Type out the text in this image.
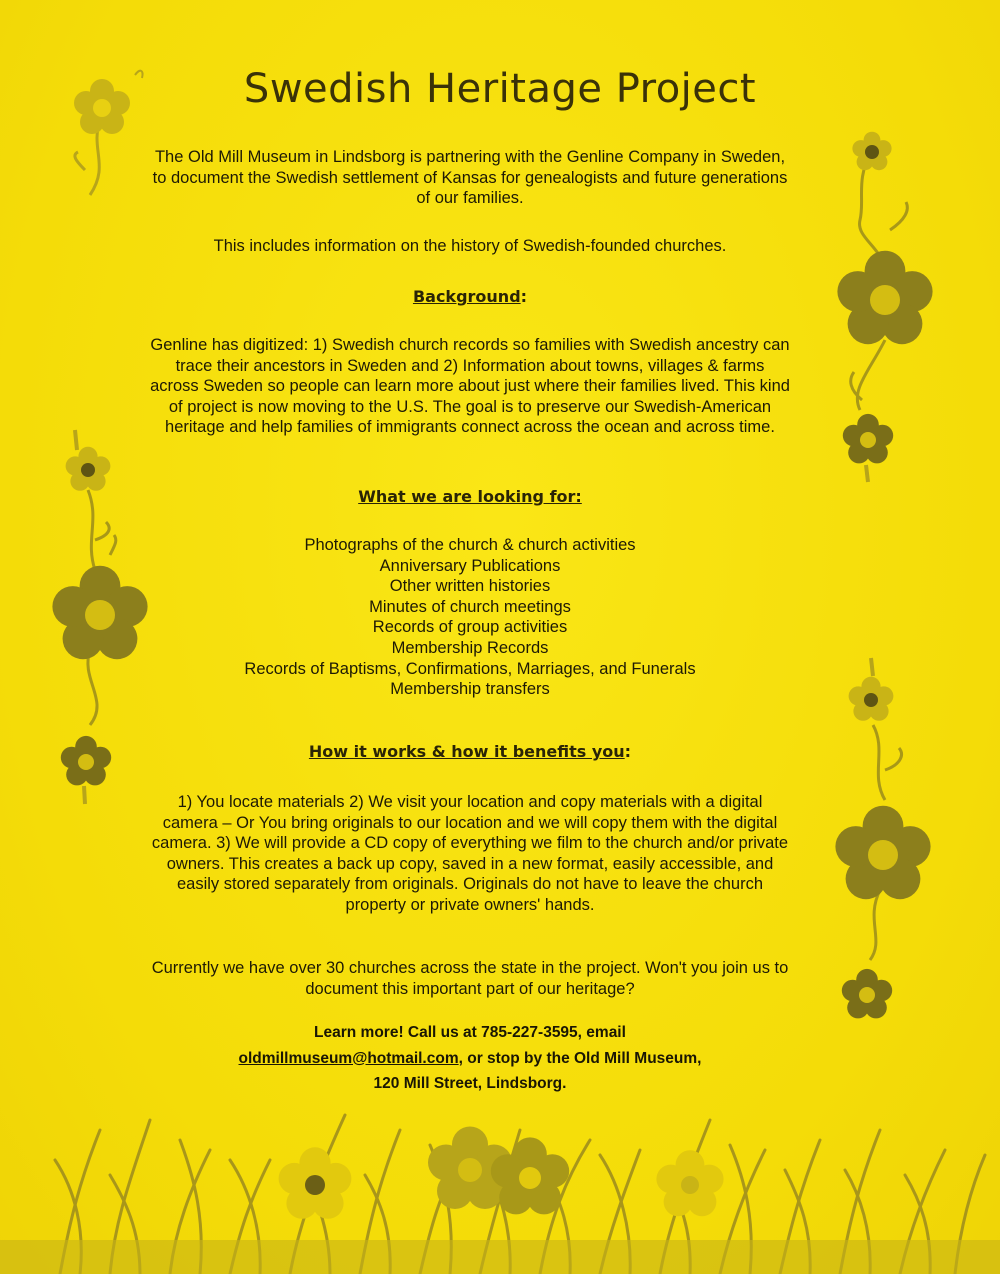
Swedish Heritage Project

The Old Mill Museum in Lindsborg is partnering with the Genline Company in Sweden, to document the Swedish settlement of Kansas for genealogists and future generations of our families.

This includes information on the history of Swedish-founded churches.

Background:

Genline has digitized: 1) Swedish church records so families with Swedish ancestry can trace their ancestors in Sweden and 2) Information about towns, villages & farms across Sweden so people can learn more about just where their families lived. This kind of project is now moving to the U.S. The goal is to preserve our Swedish-American heritage and help families of immigrants connect across the ocean and across time.

What we are looking for:

Photographs of the church & church activities
Anniversary Publications
Other written histories
Minutes of church meetings
Records of group activities
Membership Records
Records of Baptisms, Confirmations, Marriages, and Funerals
Membership transfers

How it works & how it benefits you:

1) You locate materials 2) We visit your location and copy materials with a digital camera – Or You bring originals to our location and we will copy them with the digital camera. 3) We will provide a CD copy of everything we film to the church and/or private owners. This creates a back up copy, saved in a new format, easily accessible, and easily stored separately from originals. Originals do not have to leave the church property or private owners' hands.

Currently we have over 30 churches across the state in the project. Won't you join us to document this important part of our heritage?

Learn more! Call us at 785-227-3595, email
oldmillmuseum@hotmail.com, or stop by the Old Mill Museum,
120 Mill Street, Lindsborg.
